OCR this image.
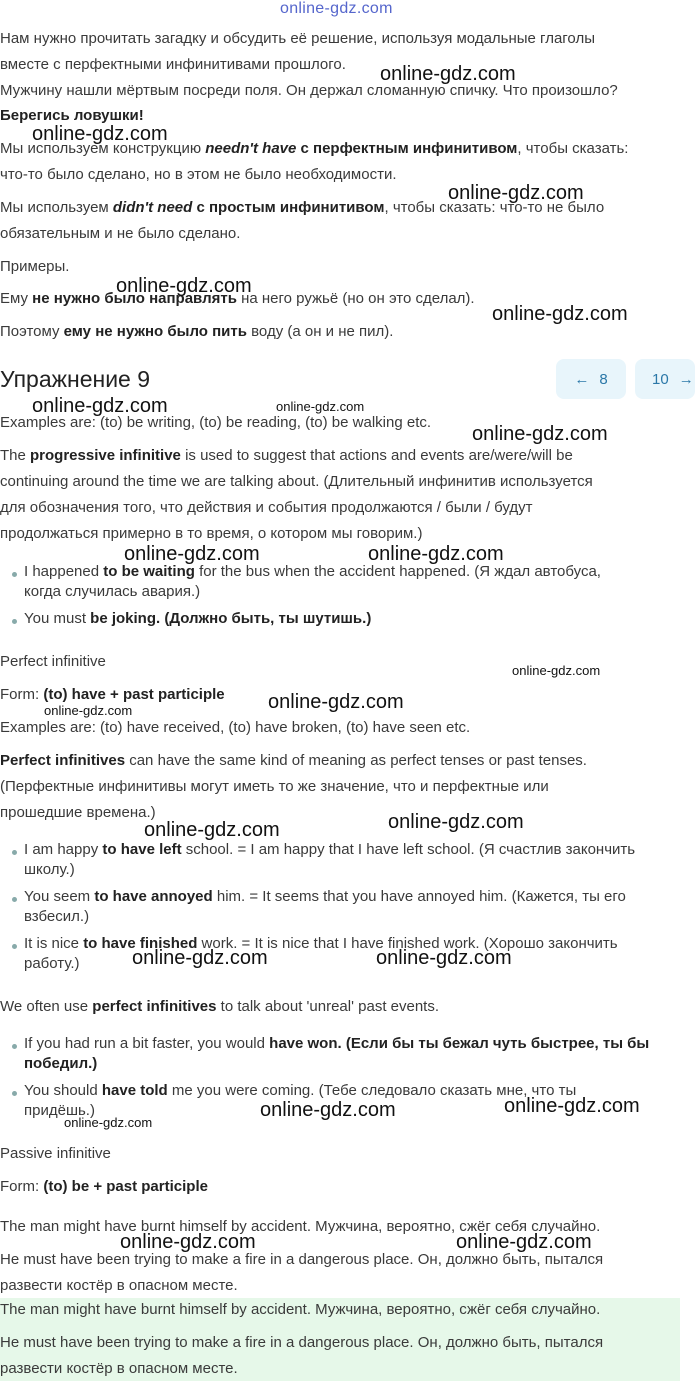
online-gdz.com
Нам нужно прочитать загадку и обсудить её решение, используя модальные глаголы
вместе с перфектными инфинитивами прошлого.
Мужчину нашли мёртвым посреди поля. Он держал сломанную спичку. Что произошло?
Берегись ловушки!
Мы используем конструкцию needn't have с перфектным инфинитивом, чтобы сказать:
что-то было сделано, но в этом не было необходимости.
Мы используем didn't need с простым инфинитивом, чтобы сказать: что-то не было
обязательным и не было сделано.
Примеры.
Ему не нужно было направлять на него ружьё (но он это сделал).
Поэтому ему не нужно было пить воду (а он и не пил).
Упражнение 9	← 8	10 →
Examples are: (to) be writing, (to) be reading, (to) be walking etc.
The progressive infinitive is used to suggest that actions and events are/were/will be
continuing around the time we are talking about. (Длительный инфинитив используется
для обозначения того, что действия и события продолжаются / были / будут
продолжаться примерно в то время, о котором мы говорим.)
I happened to be waiting for the bus when the accident happened. (Я ждал автобуса,
когда случилась авария.)
You must be joking. (Должно быть, ты шутишь.)
Perfect infinitive
Form: (to) have + past participle
Examples are: (to) have received, (to) have broken, (to) have seen etc.
Perfect infinitives can have the same kind of meaning as perfect tenses or past tenses.
(Перфектные инфинитивы могут иметь то же значение, что и перфектные или
прошедшие времена.)
I am happy to have left school. = I am happy that I have left school. (Я счастлив закончить
школу.)
You seem to have annoyed him. = It seems that you have annoyed him. (Кажется, ты его
взбесил.)
It is nice to have finished work. = It is nice that I have finished work. (Хорошо закончить
работу.)
We often use perfect infinitives to talk about 'unreal' past events.
If you had run a bit faster, you would have won. (Если бы ты бежал чуть быстрее, ты бы
победил.)
You should have told me you were coming. (Тебе следовало сказать мне, что ты
придёшь.)
Passive infinitive
Form: (to) be + past participle
The man might have burnt himself by accident. Мужчина, вероятно, сжёг себя случайно.
He must have been trying to make a fire in a dangerous place. Он, должно быть, пытался
развести костёр в опасном месте.
The man might have burnt himself by accident. Мужчина, вероятно, сжёг себя случайно.
He must have been trying to make a fire in a dangerous place. Он, должно быть, пытался
развести костёр в опасном месте.
online-gdz.com
online-gdz.com
online-gdz.com
online-gdz.com
online-gdz.com
online-gdz.com	online-gdz.com
online-gdz.com
online-gdz.com	online-gdz.com
online-gdz.com
online-gdz.com
online-gdz.com
online-gdz.com	online-gdz.com
online-gdz.com	online-gdz.com
online-gdz.com	online-gdz.com
online-gdz.com
online-gdz.com	online-gdz.com
